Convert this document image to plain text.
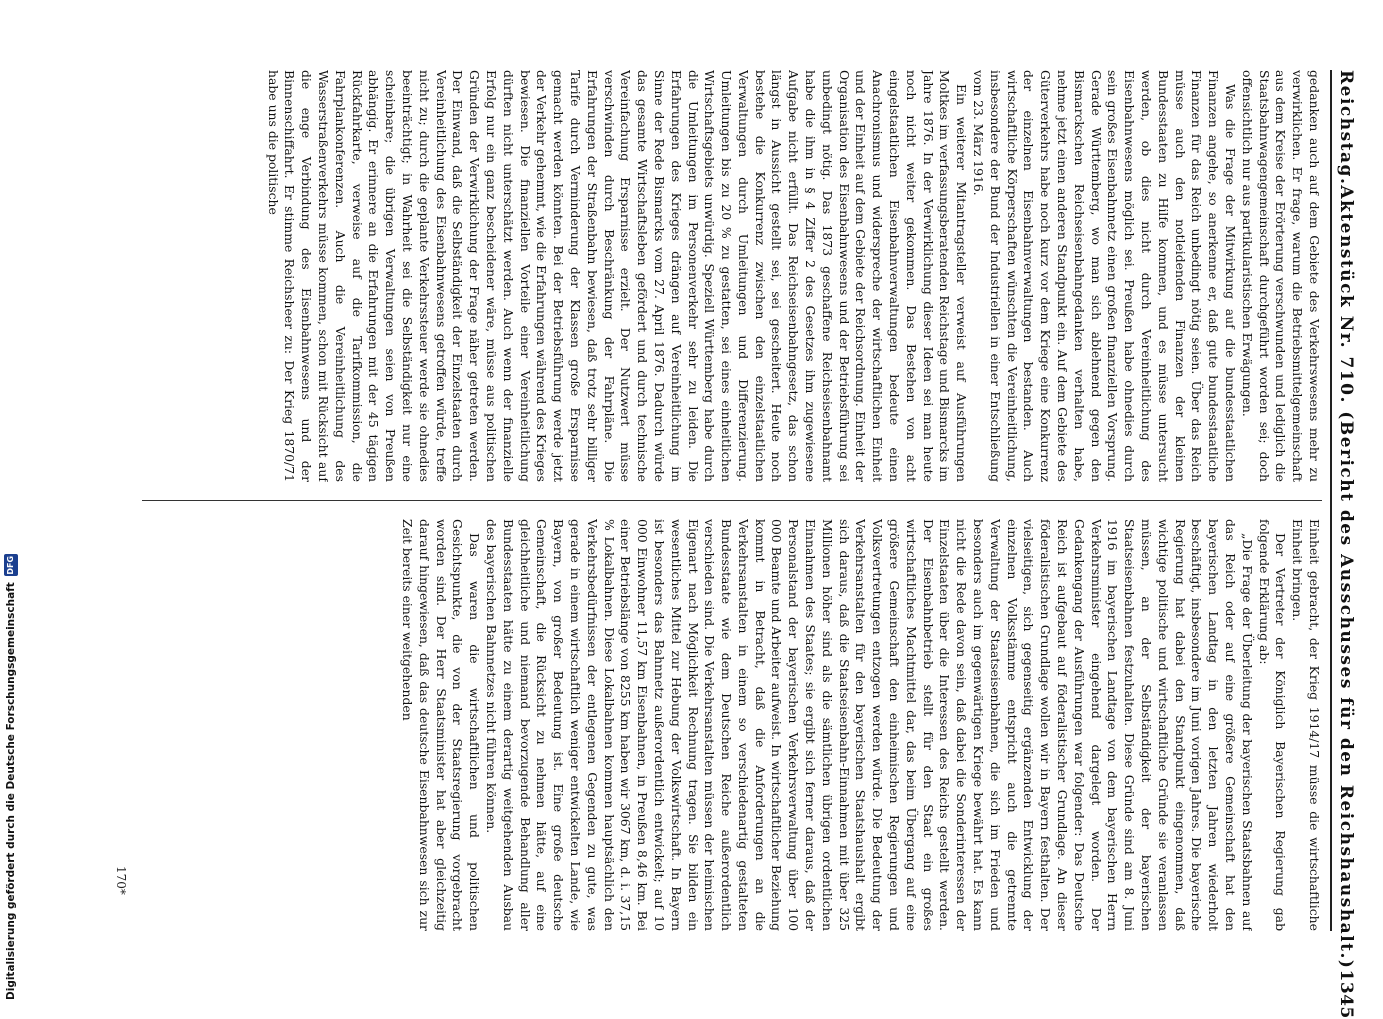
Reichstag.
Aktenstück Nr. 710. (Bericht des Ausschusses für den Reichshaushalt.)
1345

gedanken auch auf dem Gebiete des Verkehrswesens mehr zu verwirklichen. Er frage, warum die Betriebsmittelgemeinschaft aus dem Kreise der Erörterung verschwunden und lediglich die Staatsbahnwagengemeinschaft durchgeführt worden sei; doch offensichtlich nur aus partikularistischen Erwägungen.

Was die Frage der Mitwirkung auf die bundesstaatlichen Finanzen angehe, so anerkenne er, daß gute bundesstaatliche Finanzen für das Reich unbedingt nötig seien. Über das Reich müsse auch den notleidenden Finanzen der kleinen Bundesstaaten zu Hilfe kommen, und es müsse untersucht werden, ob dies nicht durch Vereinheitlichung des Eisenbahnwesens möglich sei. Preußen habe ohnedies durch sein großes Eisenbahnnetz einen großen finanziellen Vorsprung. Gerade Württemberg, wo man sich ablehnend gegen den Bismarckschen Reichseisenbahngedanken verhalten habe, nehme jetzt einen anderen Standpunkt ein. Auf dem Gebiete des Güterverkehrs habe noch kurz vor dem Kriege eine Konkurrenz der einzelnen Eisenbahnverwaltungen bestanden. Auch wirtschaftliche Körperschaften wünschten die Vereinheitlichung, insbesondere der Bund der Industriellen in einer Entschließung vom 23. März 1916.

Ein weiterer Mitantragsteller verweist auf Ausführungen Moltkes im verfassungsberatenden Reichstage und Bismarcks im Jahre 1876. In der Verwirklichung dieser Ideen sei man heute noch nicht weiter gekommen. Das Bestehen von acht eingelstaatlichen Eisenbahnverwaltungen bedeute einen Anachronismus und widerspreche der wirtschaftlichen Einheit und der Einheit auf dem Gebiete der Reichsordnung. Einheit der Organisation des Eisenbahnwesens und der Betriebsführung sei unbedingt nötig. Das 1873 geschaffene Reichseisenbahnamt habe die ihm in § 4 Ziffer 2 des Gesetzes ihm zugewiesene Aufgabe nicht erfüllt. Das Reichseisenbahngesetz, das schon längst in Aussicht gestellt sei, sei gescheitert. Heute noch bestehe die Konkurrenz zwischen den einzelstaatlichen Verwaltungen durch Umleitungen und Differenzierung. Umleitungen bis zu 20 % zu gestatten, sei eines einheitlichen Wirtschaftsgebiets unwürdig. Speziell Württemberg habe durch die Umleitungen im Personenverkehr sehr zu leiden. Die Erfahrungen des Krieges drängen auf Vereinheitlichung im Sinne der Rede Bismarcks vom 27. April 1876. Dadurch würde das gesamte Wirtschaftsleben gefördert und durch technische Vereinfachung Ersparnisse erzielt. Der Nutzwert müsse verschwinden durch Beschränkung der Fahrpläne. Die Erfahrungen der Straßenbahn bewiesen, daß trotz sehr billiger Tarife durch Verminderung der Klassen große Ersparnisse gemacht werden könnten. Bei der Betriebsführung werde jetzt der Verkehr gehemmt, wie die Erfahrungen während des Krieges bewiesen. Die finanziellen Vorteile einer Vereinheitlichung dürften nicht unterschätzt werden. Auch wenn der finanzielle Erfolg nur ein ganz bescheidener wäre, müsse aus politischen Gründen der Verwirklichung der Frage näher getreten werden. Der Einwand, daß die Selbständigkeit der Einzelstaaten durch Vereinheitlichung des Eisenbahnwesens getroffen würde, treffe nicht zu; durch die geplante Verkehrssteuer werde sie ohnedies beeinträchtigt; in Wahrheit sei die Selbständigkeit nur eine scheinbare; die übrigen Verwaltungen seien von Preußen abhängig. Er erinnere an die Erfahrungen mit der 45 tägigen Rückfahrkarte, verweise auf die Tarifkommission, die Fahrplankonferenzen. Auch die Vereinheitlichung des Wasserstraßenverkehrs müsse kommen, schon mit Rücksicht auf die enge Verbindung des Eisenbahnwesens und der Binnenschiffahrt. Er stimme Reichsheer zu: Der Krieg 1870/71 habe uns die politische

Einheit gebracht, der Krieg 1914/17 müsse die wirtschaftliche Einheit bringen.

Der Vertreter der Königlich Bayerischen Regierung gab folgende Erklärung ab:

„Die Frage der Überleitung der bayerischen Staatsbahnen auf das Reich oder auf eine größere Gemeinschaft hat den bayerischen Landtag in den letzten Jahren wiederholt beschäftigt, insbesondere im Juni vorigen Jahres. Die bayerische Regierung hat dabei den Standpunkt eingenommen, daß wichtige politische und wirtschaftliche Gründe sie veranlassen müssen, an der Selbständigkeit der bayerischen Staatseisenbahnen festzuhalten. Diese Gründe sind am 8. Juni 1916 im bayerischen Landtage von dem bayerischen Herrn Verkehrsminister eingehend dargelegt worden. Der Gedankengang der Ausführungen war folgender: Das Deutsche Reich ist aufgebaut auf föderalistischer Grundlage. An dieser föderalistischen Grundlage wollen wir in Bayern festhalten. Der vielseitigen, sich gegenseitig ergänzenden Entwicklung der einzelnen Volksstämme entspricht auch die getrennte Verwaltung der Staatseisenbahnen, die sich im Frieden und besonders auch im gegenwärtigen Kriege bewährt hat. Es kann nicht die Rede davon sein, daß dabei die Sonderinteressen der Einzelstaaten über die Interessen des Reichs gestellt werden. Der Eisenbahnbetrieb stellt für den Staat ein großes wirtschaftliches Machtmittel dar, das beim Übergang auf eine größere Gemeinschaft den einheimischen Regierungen und Volksvertretungen entzogen werden würde. Die Bedeutung der Verkehrsanstalten für den bayerischen Staatshaushalt ergibt sich daraus, daß die Staatseisenbahn-Einnahmen mit über 325 Millionen höher sind als die sämtlichen übrigen ordentlichen Einnahmen des Staates; sie ergibt sich ferner daraus, daß der Personalstand der bayerischen Verkehrsverwaltung über 100 000 Beamte und Arbeiter aufweist. In wirtschaftlicher Beziehung kommt in Betracht, daß die Anforderungen an die Verkehrsanstalten in einem so verschiedenartig gestalteten Bundesstaate wie dem Deutschen Reiche außerordentlich verschieden sind. Die Verkehrsanstalten müssen der heimischen Eigenart nach Möglichkeit Rechnung tragen. Sie bilden ein wesentliches Mittel zur Hebung der Volkswirtschaft. In Bayern ist besonders das Bahnnetz außerordentlich entwickelt; auf 10 000 Einwohner 11,57 km Eisenbahnen, in Preußen 8,46 km. Bei einer Betriebslänge von 8255 km haben wir 3067 km, d. i. 37,15 % Lokalbahnen. Diese Lokalbahnen kommen hauptsächlich den Verkehrsbedürfnissen der entlegenen Gegenden zu gute, was gerade in einem wirtschaftlich weniger entwickelten Lande, wie Bayern, von großer Bedeutung ist. Eine große deutsche Gemeinschaft, die Rücksicht zu nehmen hätte, auf eine gleichheitliche und niemand bevorzugende Behandlung aller Bundesstaaten hätte zu einem derartig weitgehenden Ausbau des bayerischen Bahnnetzes nicht führen können.

Das waren die wirtschaftlichen und politischen Gesichtspunkte, die von der Staatsregierung vorgebracht worden sind. Der Herr Staatsminister hat aber gleichzeitig darauf hingewiesen, daß das deutsche Eisenbahnwesen sich zur Zeit bereits einer weitgehenden

170*
Digitalisierung gefördert durch die Deutsche Forschungsgemeinschaft
DFG
